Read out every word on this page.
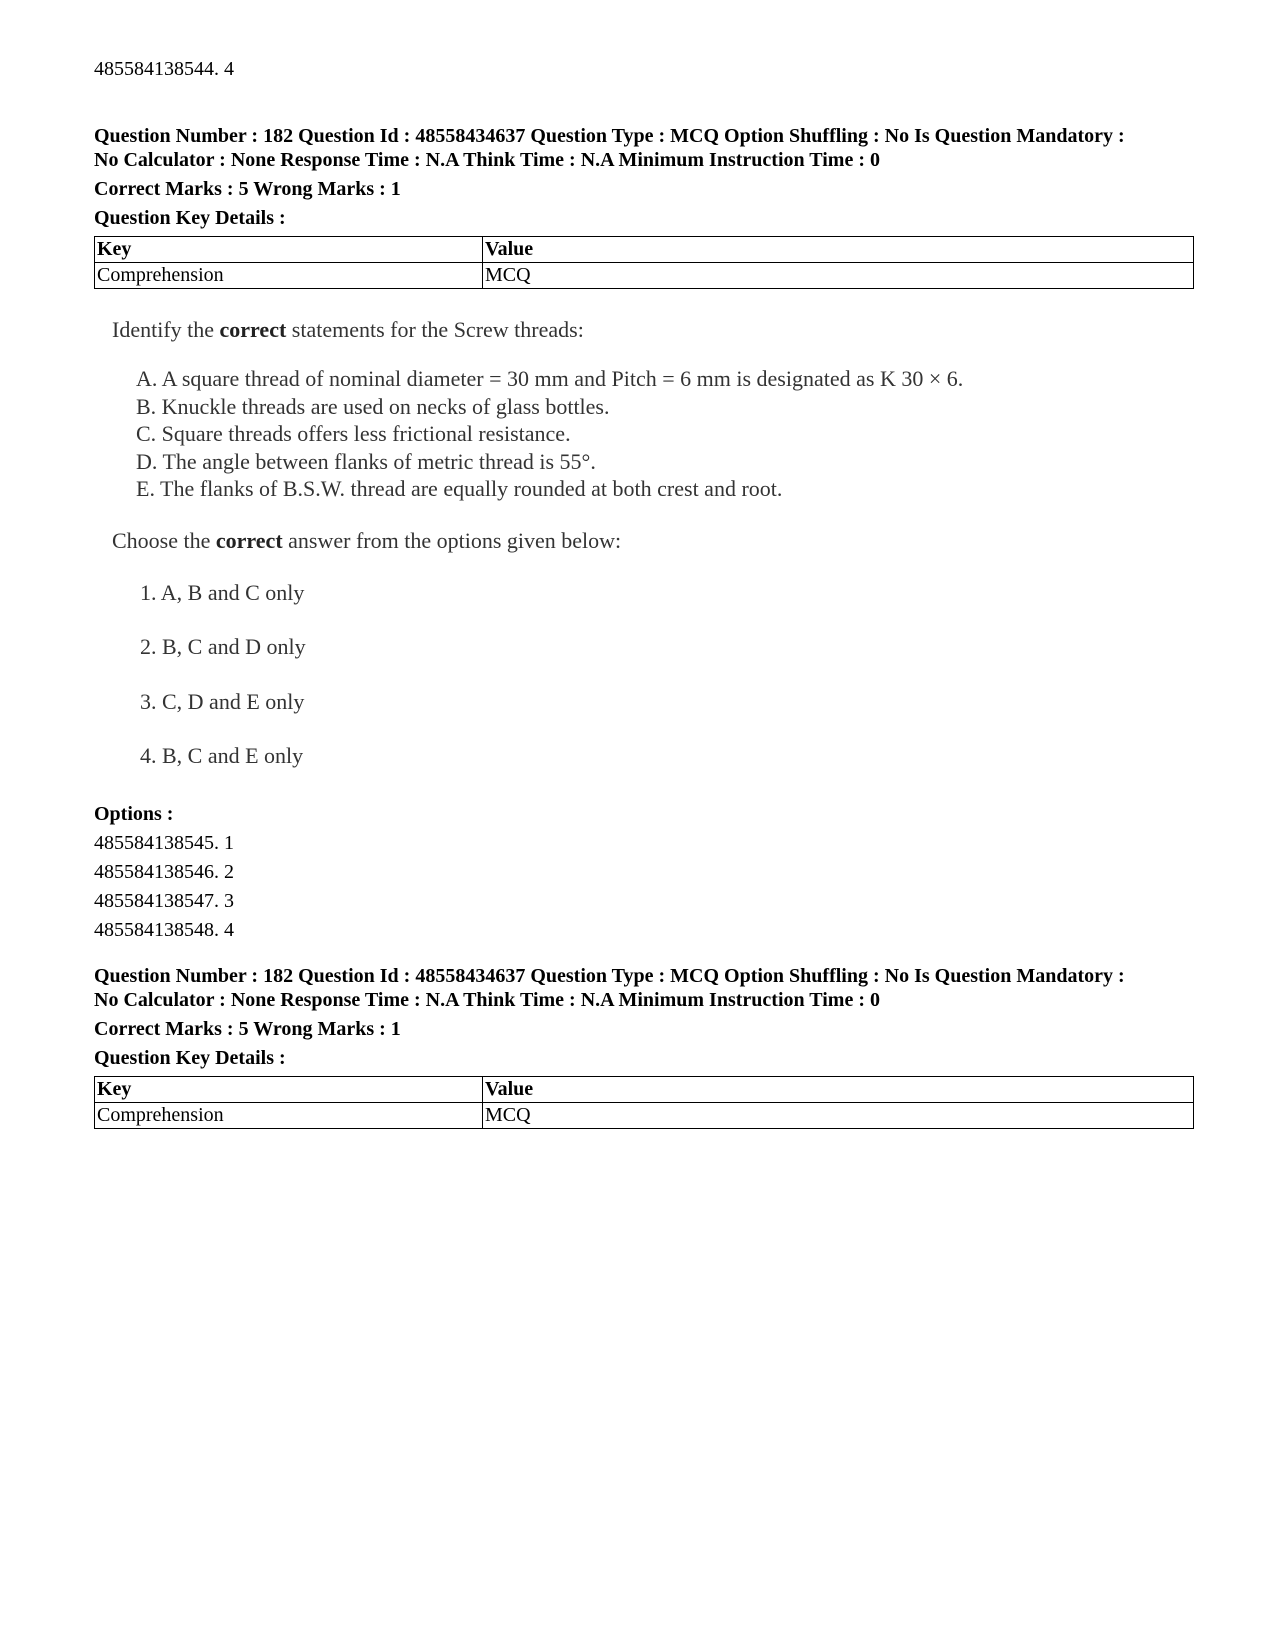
485584138544. 4
Question Number : 182 Question Id : 48558434637 Question Type : MCQ Option Shuffling : No Is Question Mandatory :
No Calculator : None Response Time : N.A Think Time : N.A Minimum Instruction Time : 0
Correct Marks : 5 Wrong Marks : 1
Question Key Details :
Key	Value
Comprehension	MCQ

Identify the correct statements for the Screw threads:

A. A square thread of nominal diameter = 30 mm and Pitch = 6 mm is designated as K 30 × 6.

B. Knuckle threads are used on necks of glass bottles.

C. Square threads offers less frictional resistance.

D. The angle between flanks of metric thread is 55°.

E. The flanks of B.S.W. thread are equally rounded at both crest and root.

Choose the correct answer from the options given below:

1. A, B and C only
2. B, C and D only
3. C, D and E only
4. B, C and E only
Options :
485584138545. 1
485584138546. 2
485584138547. 3
485584138548. 4
Question Number : 182 Question Id : 48558434637 Question Type : MCQ Option Shuffling : No Is Question Mandatory :
No Calculator : None Response Time : N.A Think Time : N.A Minimum Instruction Time : 0
Correct Marks : 5 Wrong Marks : 1
Question Key Details :
Key	Value
Comprehension	MCQ
